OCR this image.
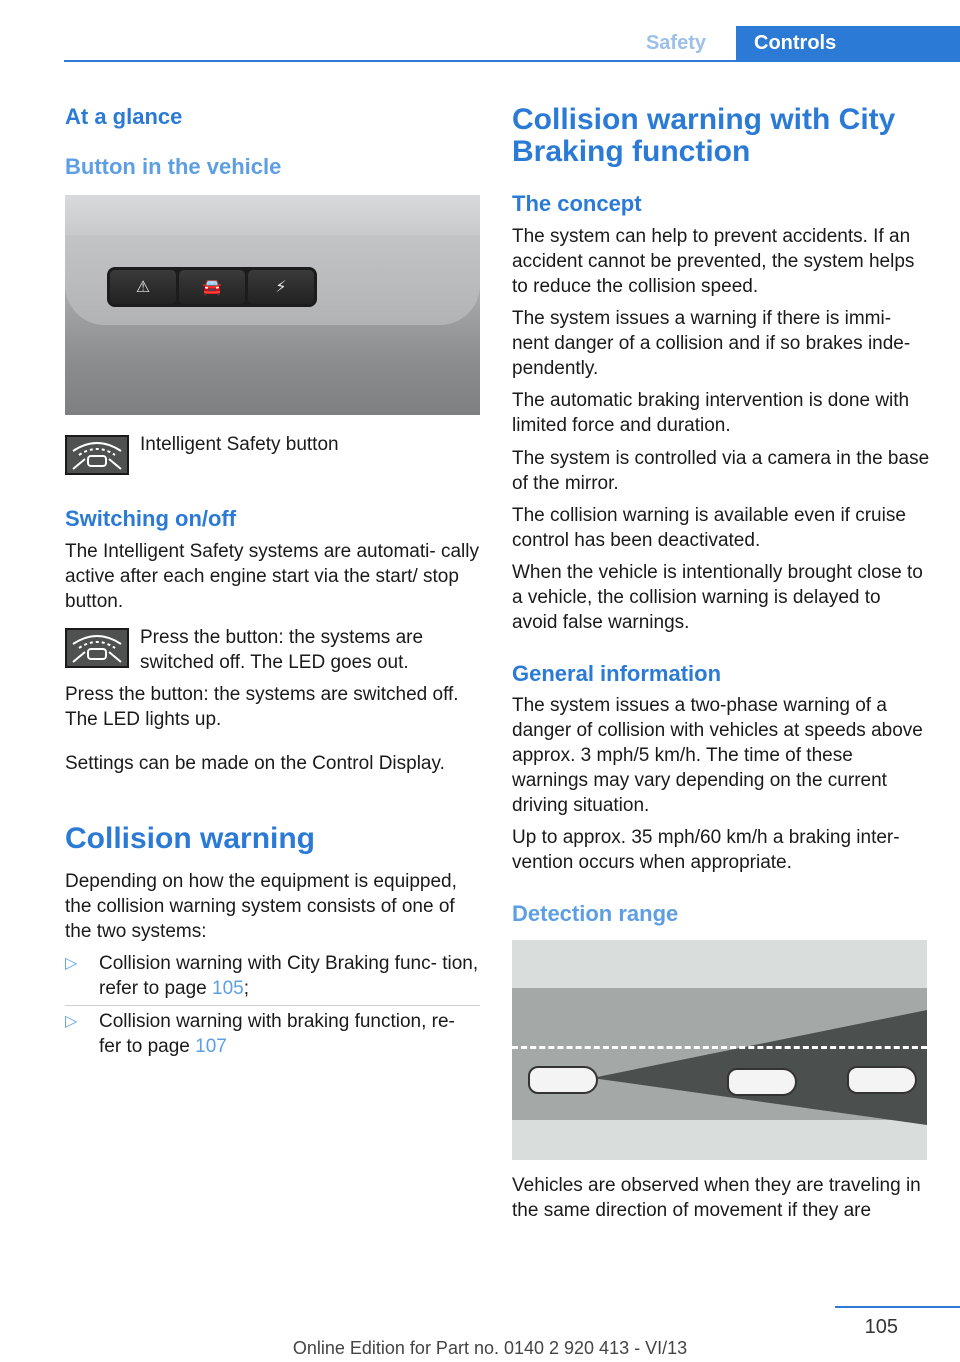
Safety	Controls
At a glance
Button in the vehicle
⚠	🚘	⚡
Intelligent Safety button
Switching on/off
The Intelligent Safety systems are automati‐ cally active after each engine start via the start/ stop button.
Press the button: the systems are switched off. The LED goes out.
Press the button: the systems are switched off. The LED lights up.
Settings can be made on the Control Display.
Collision warning
Depending on how the equipment is equipped, the collision warning system consists of one of the two systems:
▷ Collision warning with City Braking func‐ tion, refer to page 105;
▷ Collision warning with braking function, re‐ fer to page 107
Collision warning with City Braking function
The concept
The system can help to prevent accidents. If an accident cannot be prevented, the system helps to reduce the collision speed.
The system issues a warning if there is immi‐ nent danger of a collision and if so brakes inde‐ pendently.
The automatic braking intervention is done with limited force and duration.
The system is controlled via a camera in the base of the mirror.
The collision warning is available even if cruise control has been deactivated.
When the vehicle is intentionally brought close to a vehicle, the collision warning is delayed to avoid false warnings.
General information
The system issues a two-phase warning of a danger of collision with vehicles at speeds above approx. 3 mph/5 km/h. The time of these warnings may vary depending on the current driving situation.
Up to approx. 35 mph/60 km/h a braking inter‐ vention occurs when appropriate.
Detection range
Vehicles are observed when they are traveling in the same direction of movement if they are
105
Online Edition for Part no. 0140 2 920 413 - VI/13
